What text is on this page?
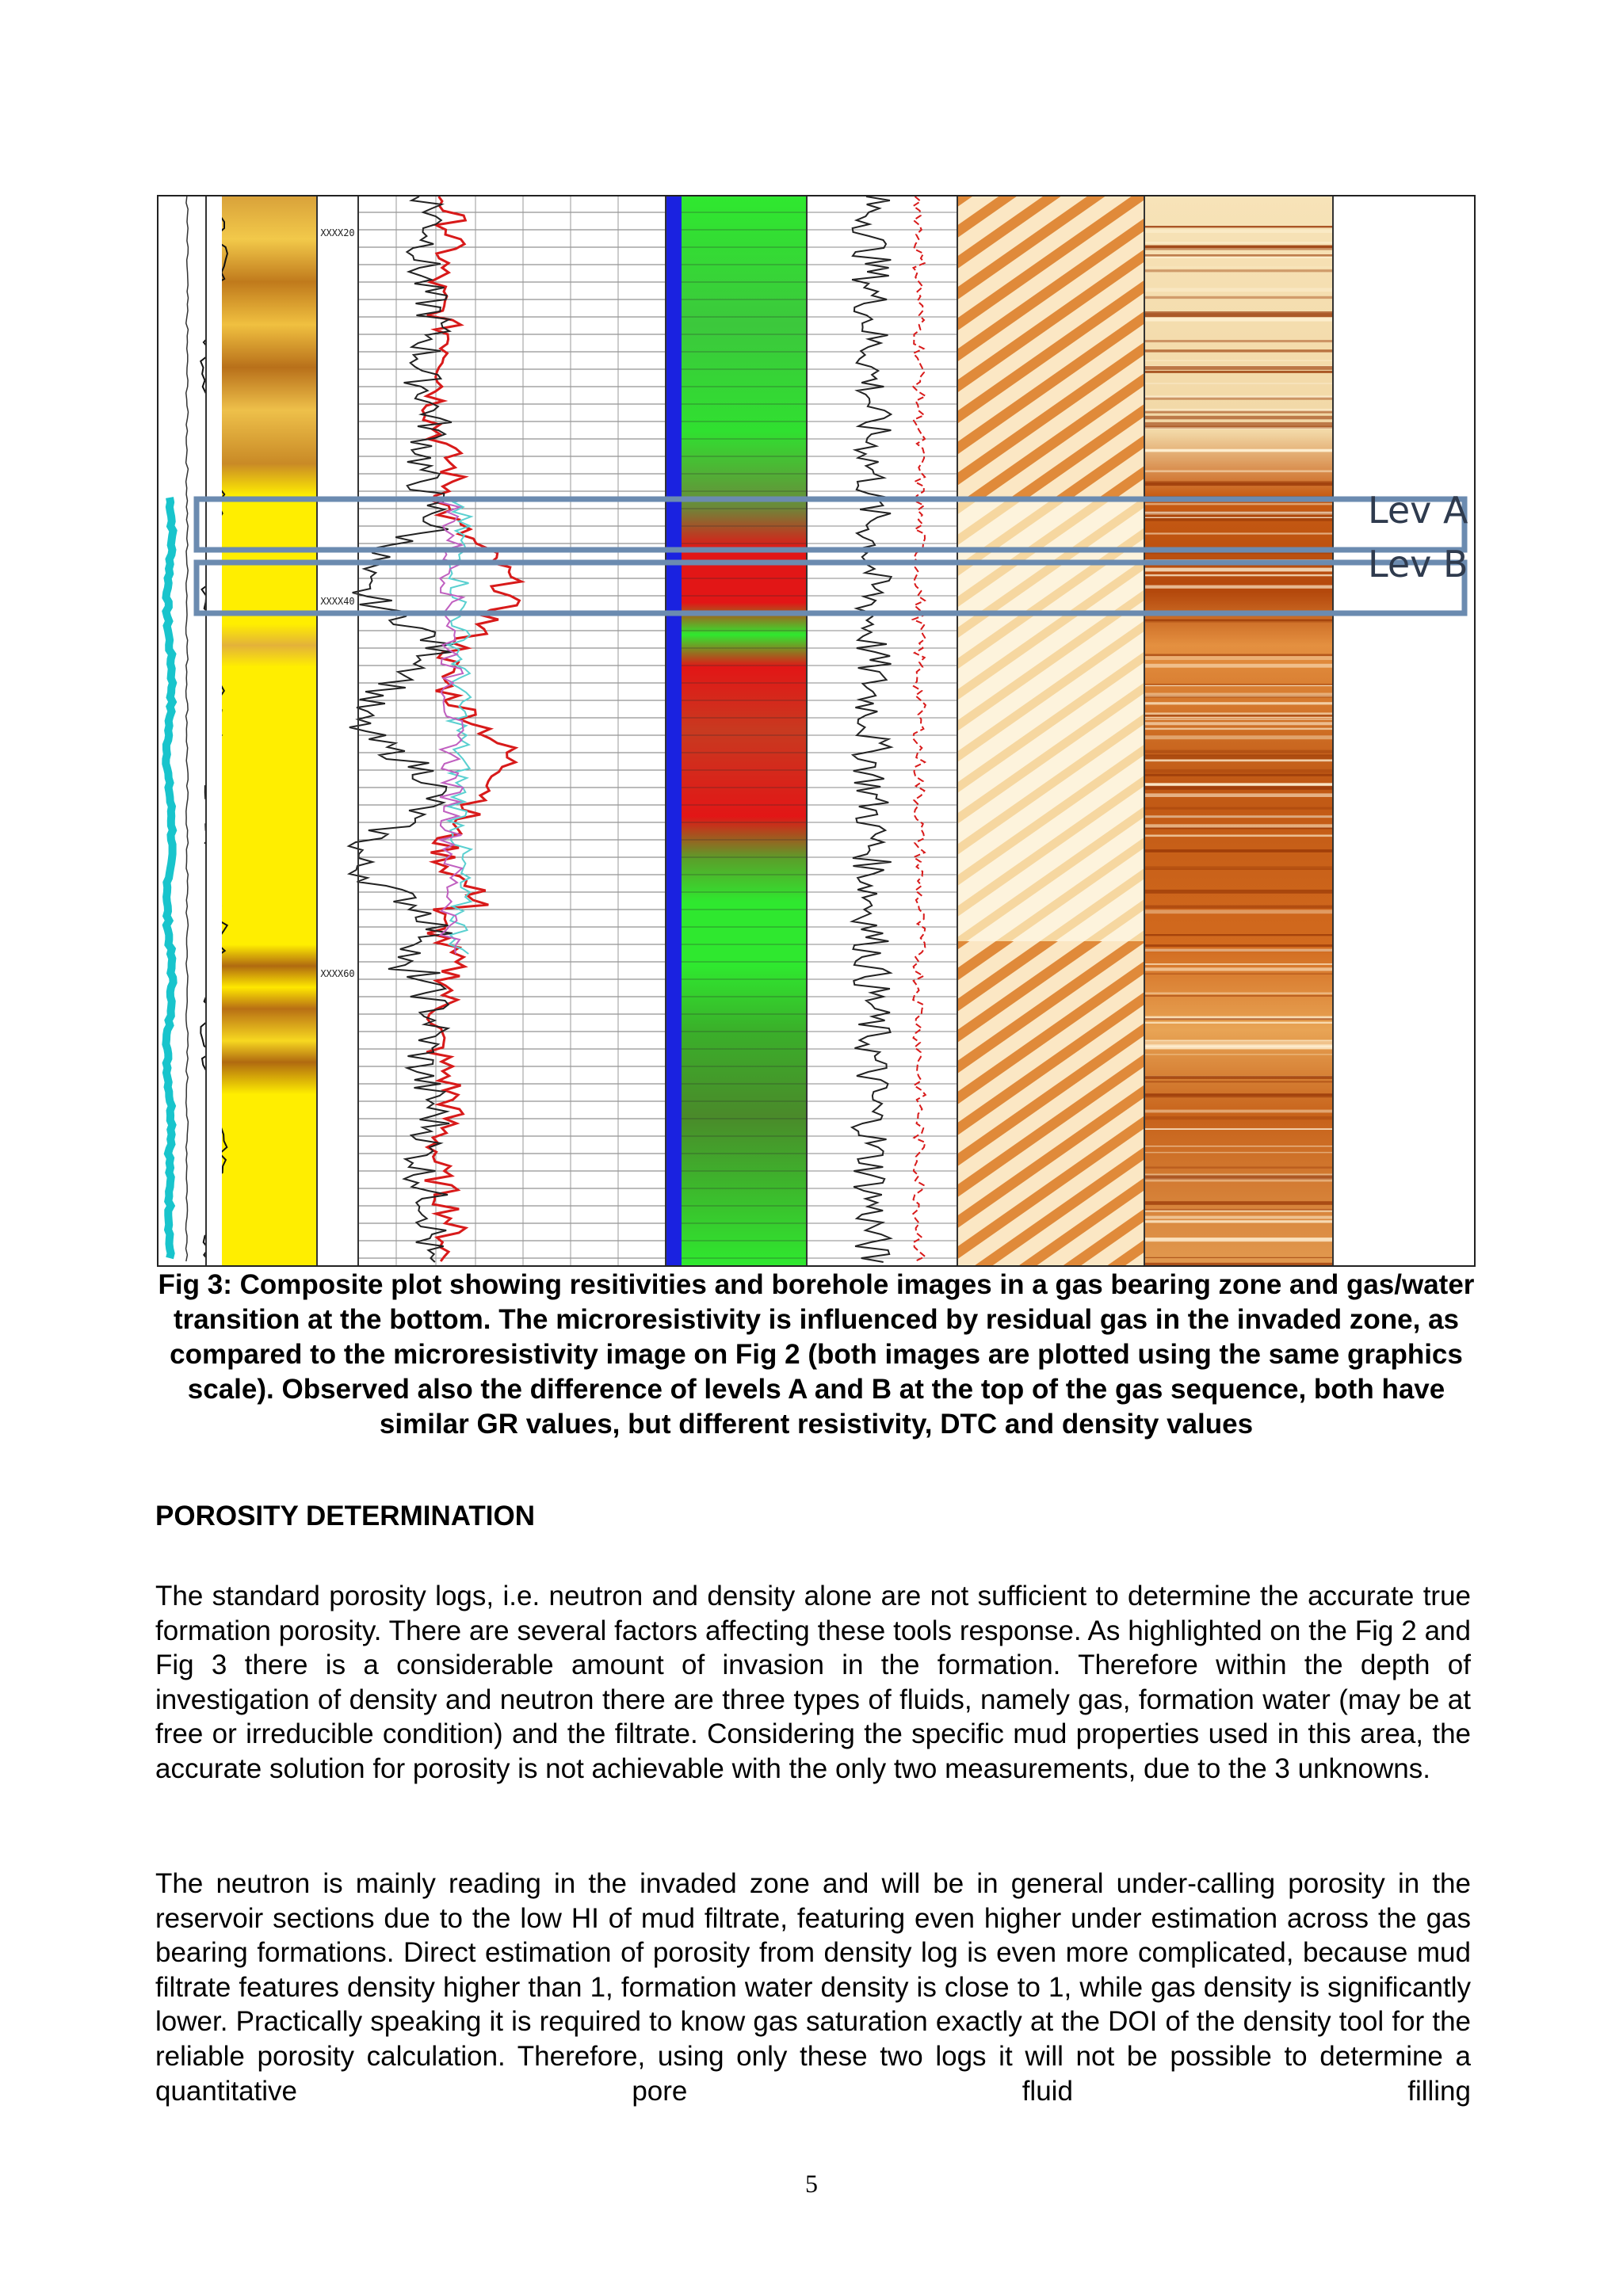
XXXX20
XXXX40
XXXX60
Lev A
Lev B

Fig 3: Composite plot showing resitivities and borehole images in a gas bearing zone and gas/water transition at the bottom. The microresistivity is influenced by residual gas in the invaded zone, as compared to the microresistivity image on Fig 2 (both images are plotted using the same graphics scale). Observed also the difference of levels A and B at the top of the gas sequence, both have similar GR values, but different resistivity, DTC and density values

POROSITY DETERMINATION

The standard porosity logs, i.e. neutron and density alone are not sufficient to determine the accurate true formation porosity. There are several factors affecting these tools response. As highlighted on the Fig 2 and Fig 3 there is a considerable amount of invasion in the formation. Therefore within the depth of investigation of density and neutron there are three types of fluids, namely gas, formation water (may be at free or irreducible condition) and the filtrate. Considering the specific mud properties used in this area, the accurate solution for porosity is not achievable with the only two measurements, due to the 3 unknowns.

The neutron is mainly reading in the invaded zone and will be in general under-calling porosity in the reservoir sections due to the low HI of mud filtrate, featuring even higher under estimation across the gas bearing formations. Direct estimation of porosity from density log is even more complicated, because mud filtrate features density higher than 1, formation water density is close to 1, while gas density is significantly lower. Practically speaking it is required to know gas saturation exactly at the DOI of the density tool for the reliable porosity calculation. Therefore, using only these two logs it will not be possible to determine a quantitative pore fluid filling

5
